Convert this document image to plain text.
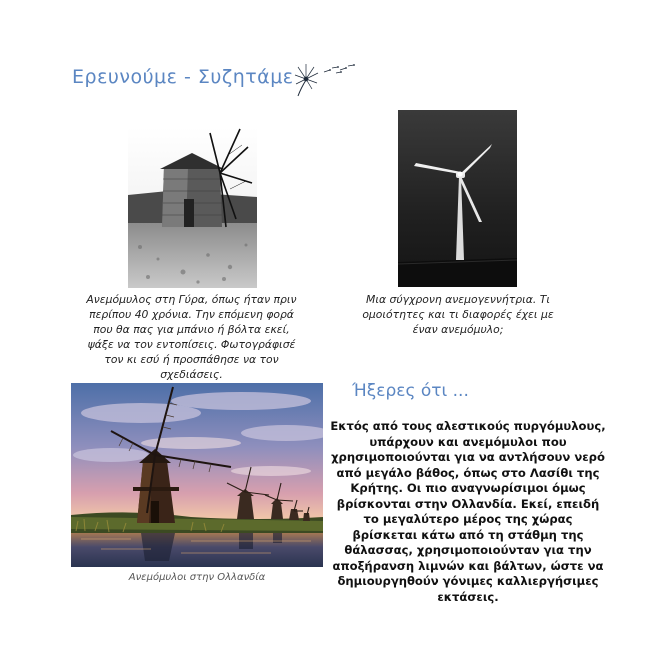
Ερευνούμε - Συζητάμε
Ανεμόμυλος στη Γύρα, όπως ήταν πριν περίπου 40 χρόνια. Την επόμενη φορά που θα πας για μπάνιο ή βόλτα εκεί, ψάξε να τον εντοπίσεις. Φωτογράφισέ τον κι εσύ ή προσπάθησε να τον σχεδιάσεις.
Μια σύγχρονη ανεμογεννήτρια. Τι ομοιότητες και τι διαφορές έχει με έναν ανεμόμυλο;
Ανεμόμυλοι στην Ολλανδία
Ήξερες ότι ...
Εκτός από τους αλεστικούς πυργόμυλους, υπάρχουν και ανεμόμυλοι που χρησιμοποιούνται για να αντλήσουν νερό από μεγάλο βάθος, όπως στο Λασίθι της Κρήτης. Οι πιο αναγνωρίσιμοι όμως βρίσκονται στην Ολλανδία. Εκεί, επειδή το μεγαλύτερο μέρος της χώρας βρίσκεται κάτω από τη στάθμη της θάλασσας, χρησιμοποιούνταν για την αποξήρανση λιμνών και βάλτων, ώστε να δημιουργηθούν γόνιμες καλλιεργήσιμες εκτάσεις.
